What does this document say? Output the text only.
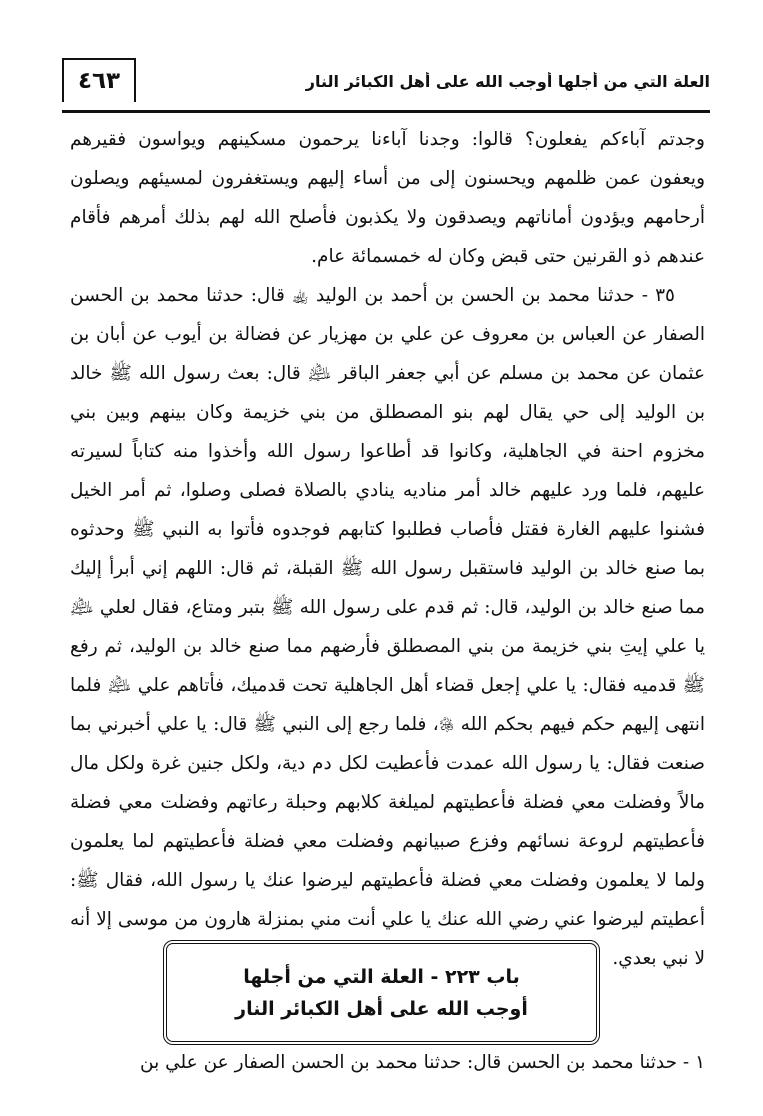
٤٦٣	العلة التي من أجلها أوجب الله على أهل الكبائر النار

وجدتم آباءكم يفعلون؟ قالوا: وجدنا آباءنا يرحمون مسكينهم ويواسون فقيرهم ويعفون عمن ظلمهم ويحسنون إلى من أساء إليهم ويستغفرون لمسيئهم ويصلون أرحامهم ويؤدون أماناتهم ويصدقون ولا يكذبون فأصلح الله لهم بذلك أمرهم فأقام عندهم ذو القرنين حتى قبض وكان له خمسمائة عام.

٣٥ - حدثنا محمد بن الحسن بن أحمد بن الوليد ﵀ قال: حدثنا محمد بن الحسن الصفار عن العباس بن معروف عن علي بن مهزيار عن فضالة بن أيوب عن أبان بن عثمان عن محمد بن مسلم عن أبي جعفر الباقر ﵇ قال: بعث رسول الله ﷺ خالد بن الوليد إلى حي يقال لهم بنو المصطلق من بني خزيمة وكان بينهم وبين بني مخزوم احنة في الجاهلية، وكانوا قد أطاعوا رسول الله وأخذوا منه كتاباً لسيرته عليهم، فلما ورد عليهم خالد أمر مناديه ينادي بالصلاة فصلى وصلوا، ثم أمر الخيل فشنوا عليهم الغارة فقتل فأصاب فطلبوا كتابهم فوجدوه فأتوا به النبي ﷺ وحدثوه بما صنع خالد بن الوليد فاستقبل رسول الله ﷺ القبلة، ثم قال: اللهم إني أبرأ إليك مما صنع خالد بن الوليد، قال: ثم قدم على رسول الله ﷺ بتبر ومتاع، فقال لعلي ﵇ يا علي إيتِ بني خزيمة من بني المصطلق فأرضهم مما صنع خالد بن الوليد، ثم رفع ﷺ قدميه فقال: يا علي إجعل قضاء أهل الجاهلية تحت قدميك، فأتاهم علي ﵇ فلما انتهى إليهم حكم فيهم بحكم الله ﷿، فلما رجع إلى النبي ﷺ قال: يا علي أخبرني بما صنعت فقال: يا رسول الله عمدت فأعطيت لكل دم دية، ولكل جنين غرة ولكل مال مالاً وفضلت معي فضلة فأعطيتهم لميلغة كلابهم وحبلة رعاتهم وفضلت معي فضلة فأعطيتهم لروعة نسائهم وفزع صبيانهم وفضلت معي فضلة فأعطيتهم لما يعلمون ولما لا يعلمون وفضلت معي فضلة فأعطيتهم ليرضوا عنك يا رسول الله، فقال ﷺ: أعطيتم ليرضوا عني رضي الله عنك يا علي أنت مني بمنزلة هارون من موسى إلا أنه لا نبي بعدي.

باب ٢٢٣ - العلة التي من أجلها
أوجب الله على أهل الكبائر النار
١ - حدثنا محمد بن الحسن قال: حدثنا محمد بن الحسن الصفار عن علي بن
